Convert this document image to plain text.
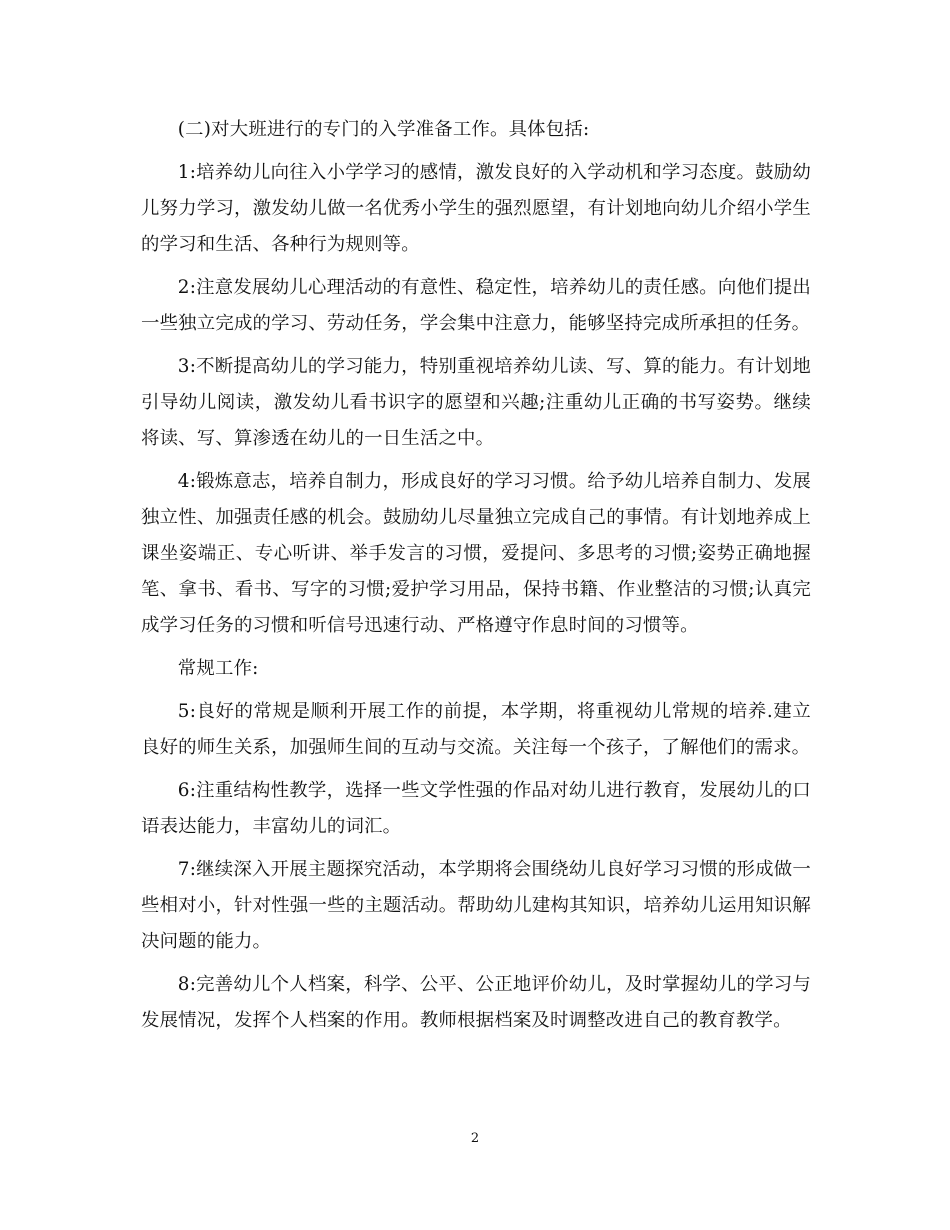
(二)对大班进行的专门的入学准备工作。具体包括:

1:培养幼儿向往入小学学习的感情，激发良好的入学动机和学习态度。鼓励幼儿努力学习，激发幼儿做一名优秀小学生的强烈愿望，有计划地向幼儿介绍小学生的学习和生活、各种行为规则等。

2:注意发展幼儿心理活动的有意性、稳定性，培养幼儿的责任感。向他们提出一些独立完成的学习、劳动任务，学会集中注意力，能够坚持完成所承担的任务。

3:不断提高幼儿的学习能力，特别重视培养幼儿读、写、算的能力。有计划地引导幼儿阅读，激发幼儿看书识字的愿望和兴趣;注重幼儿正确的书写姿势。继续将读、写、算渗透在幼儿的一日生活之中。

4:锻炼意志，培养自制力，形成良好的学习习惯。给予幼儿培养自制力、发展独立性、加强责任感的机会。鼓励幼儿尽量独立完成自己的事情。有计划地养成上课坐姿端正、专心听讲、举手发言的习惯，爱提问、多思考的习惯;姿势正确地握笔、拿书、看书、写字的习惯;爱护学习用品，保持书籍、作业整洁的习惯;认真完成学习任务的习惯和听信号迅速行动、严格遵守作息时间的习惯等。

常规工作:

5:良好的常规是顺利开展工作的前提，本学期，将重视幼儿常规的培养.建立良好的师生关系，加强师生间的互动与交流。关注每一个孩子，了解他们的需求。

6:注重结构性教学，选择一些文学性强的作品对幼儿进行教育，发展幼儿的口语表达能力，丰富幼儿的词汇。

7:继续深入开展主题探究活动，本学期将会围绕幼儿良好学习习惯的形成做一些相对小，针对性强一些的主题活动。帮助幼儿建构其知识，培养幼儿运用知识解决问题的能力。

8:完善幼儿个人档案，科学、公平、公正地评价幼儿，及时掌握幼儿的学习与发展情况，发挥个人档案的作用。教师根据档案及时调整改进自己的教育教学。

2
